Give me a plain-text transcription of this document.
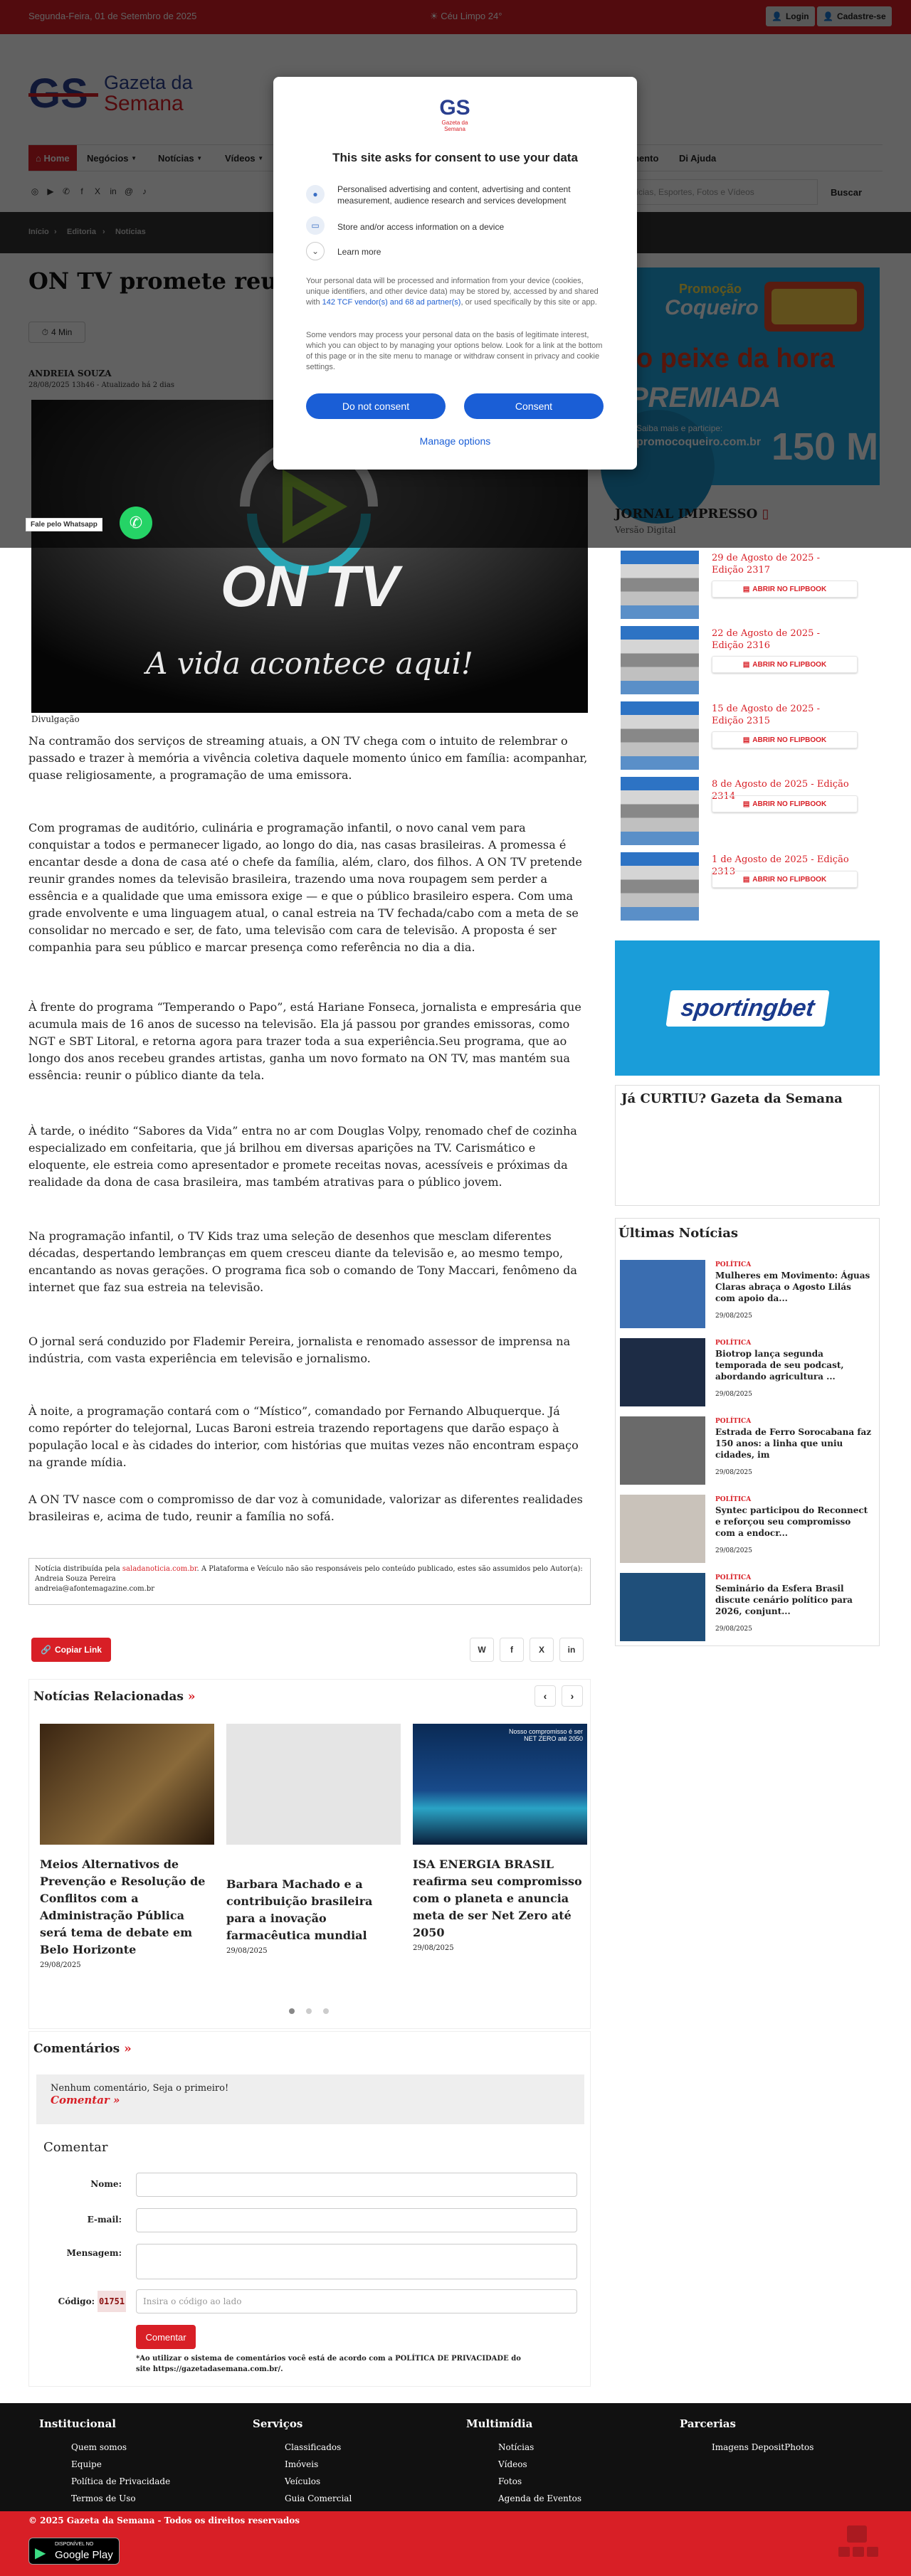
ON TV
A vida acontece aqui!
Divulgação

Na contramão dos serviços de streaming atuais, a ON TV chega com o intuito de relembrar o passado e trazer à memória a vivência coletiva daquele momento único em família: acompanhar, quase religiosamente, a programação de uma emissora.

Com programas de auditório, culinária e programação infantil, o novo canal vem para conquistar a todos e permanecer ligado, ao longo do dia, nas casas brasileiras. A promessa é encantar desde a dona de casa até o chefe da família, além, claro, dos filhos. A ON TV pretende reunir grandes nomes da televisão brasileira, trazendo uma nova roupagem sem perder a essência e a qualidade que uma emissora exige — e que o público brasileiro espera. Com uma grade envolvente e uma linguagem atual, o canal estreia na TV fechada/cabo com a meta de se consolidar no mercado e ser, de fato, uma televisão com cara de televisão. A proposta é ser companhia para seu público e marcar presença como referência no dia a dia.

À frente do programa “Temperando o Papo”, está Hariane Fonseca, jornalista e empresária que acumula mais de 16 anos de sucesso na televisão. Ela já passou por grandes emissoras, como NGT e SBT Litoral, e retorna agora para trazer toda a sua experiência.Seu programa, que ao longo dos anos recebeu grandes artistas, ganha um novo formato na ON TV, mas mantém sua essência: reunir o público diante da tela.

À tarde, o inédito “Sabores da Vida” entra no ar com Douglas Volpy, renomado chef de cozinha especializado em confeitaria, que já brilhou em diversas aparições na TV. Carismático e eloquente, ele estreia como apresentador e promete receitas novas, acessíveis e próximas da realidade da dona de casa brasileira, mas também atrativas para o público jovem.

Na programação infantil, o TV Kids traz uma seleção de desenhos que mesclam diferentes décadas, despertando lembranças em quem cresceu diante da televisão e, ao mesmo tempo, encantando as novas gerações. O programa fica sob o comando de Tony Maccari, fenômeno da internet que faz sua estreia na televisão.

O jornal será conduzido por Flademir Pereira, jornalista e renomado assessor de imprensa na indústria, com vasta experiência em televisão e jornalismo.

À noite, a programação contará com o “Místico”, comandado por Fernando Albuquerque. Já como repórter do telejornal, Lucas Baroni estreia trazendo reportagens que darão espaço à população local e às cidades do interior, com histórias que muitas vezes não encontram espaço na grande mídia.

A ON TV nasce com o compromisso de dar voz à comunidade, valorizar as diferentes realidades brasileiras e, acima de tudo, reunir a família no sofá.

Notícia distribuída pela saladanoticia.com.br. A Plataforma e Veículo não são responsáveis pelo conteúdo publicado, estes são assumidos pelo Autor(a):
Andreia Souza Pereira
andreia@afontemagazine.com.br
🔗 Copiar Link	W	f	X	in
Notícias Relacionadas »	‹	›
Meios Alternativos de Prevenção e Resolução de Conflitos com a Administração Pública será tema de debate em Belo Horizonte
29/08/2025
Barbara Machado e a contribuição brasileira para a inovação farmacêutica mundial
29/08/2025
Nosso compromisso é ser NET ZERO até 2050
ISA ENERGIA BRASIL reafirma seu compromisso com o planeta e anuncia meta de ser Net Zero até 2050
29/08/2025
Comentários »
Nenhum comentário, Seja o primeiro!
Comentar »
Comentar
Nome:
E-mail:
Mensagem:
Código: 01751	Insira o código ao lado
Comentar
*Ao utilizar o sistema de comentários você está de acordo com a POLÍTICA DE PRIVACIDADE do site https://gazetadasemana.com.br/.
29 de Agosto de 2025 - Edição 2317
▤ ABRIR NO FLIPBOOK
22 de Agosto de 2025 - Edição 2316
▤ ABRIR NO FLIPBOOK
15 de Agosto de 2025 - Edição 2315
▤ ABRIR NO FLIPBOOK
8 de Agosto de 2025 - Edição 2314
▤ ABRIR NO FLIPBOOK
1 de Agosto de 2025 - Edição 2313
▤ ABRIR NO FLIPBOOK
sportingbet
Já CURTIU? Gazeta da Semana
Últimas Notícias
POLÍTICA
Mulheres em Movimento: Águas Claras abraça o Agosto Lilás com apoio da...
29/08/2025
POLÍTICA
Biotrop lança segunda temporada de seu podcast, abordando agricultura ...
29/08/2025
POLÍTICA
Estrada de Ferro Sorocabana faz 150 anos: a linha que uniu cidades, im
29/08/2025
POLÍTICA
Syntec participou do Reconnect e reforçou seu compromisso com a endocr...
29/08/2025
POLÍTICA
Seminário da Esfera Brasil discute cenário político para 2026, conjunt...
29/08/2025
Institucional
Quem somos
Equipe
Política de Privacidade
Termos de Uso
Serviços
Classificados
Imóveis
Veículos
Guia Comercial
Multimídia
Notícias
Vídeos
Fotos
Agenda de Eventos
Parcerias
Imagens DepositPhotos
© 2025 Gazeta da Semana - Todos os direitos reservados
▶
DISPONÍVEL NO
Google Play
Fale pelo Whatsapp	✆
GS
Gazeta da Semana
This site asks for consent to use your data
●	Personalised advertising and content, advertising and content measurement, audience research and services development
▭	Store and/or access information on a device
⌄	Learn more
Your personal data will be processed and information from your device (cookies, unique identifiers, and other device data) may be stored by, accessed by and shared with 142 TCF vendor(s) and 68 ad partner(s), or used specifically by this site or app.
Some vendors may process your personal data on the basis of legitimate interest, which you can object to by managing your options below. Look for a link at the bottom of this page or in the site menu to manage or withdraw consent in privacy and cookie settings.
Do not consent	Consent
Manage options
